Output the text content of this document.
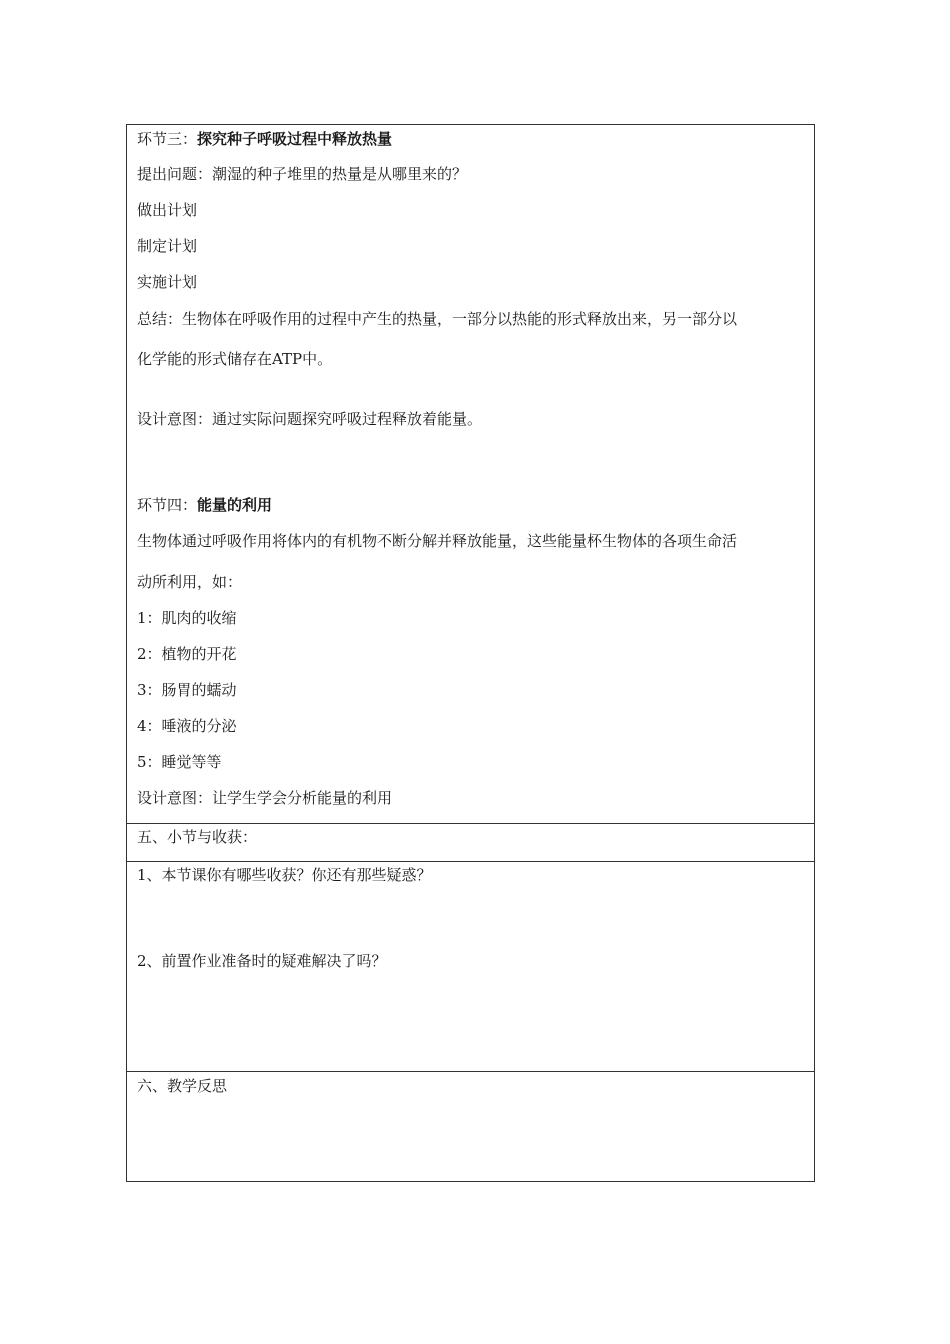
环节三：探究种子呼吸过程中释放热量
提出问题：潮湿的种子堆里的热量是从哪里来的？
做出计划
制定计划
实施计划
总结：生物体在呼吸作用的过程中产生的热量，一部分以热能的形式释放出来，另一部分以
化学能的形式储存在ATP中。
设计意图：通过实际问题探究呼吸过程释放着能量。
环节四：能量的利用
生物体通过呼吸作用将体内的有机物不断分解并释放能量，这些能量杯生物体的各项生命活
动所利用，如：
1：肌肉的收缩
2：植物的开花
3：肠胃的蠕动
4：唾液的分泌
5：睡觉等等
设计意图：让学生学会分析能量的利用
五、小节与收获：
1、本节课你有哪些收获？你还有那些疑惑？
2、前置作业准备时的疑难解决了吗？
六、教学反思
